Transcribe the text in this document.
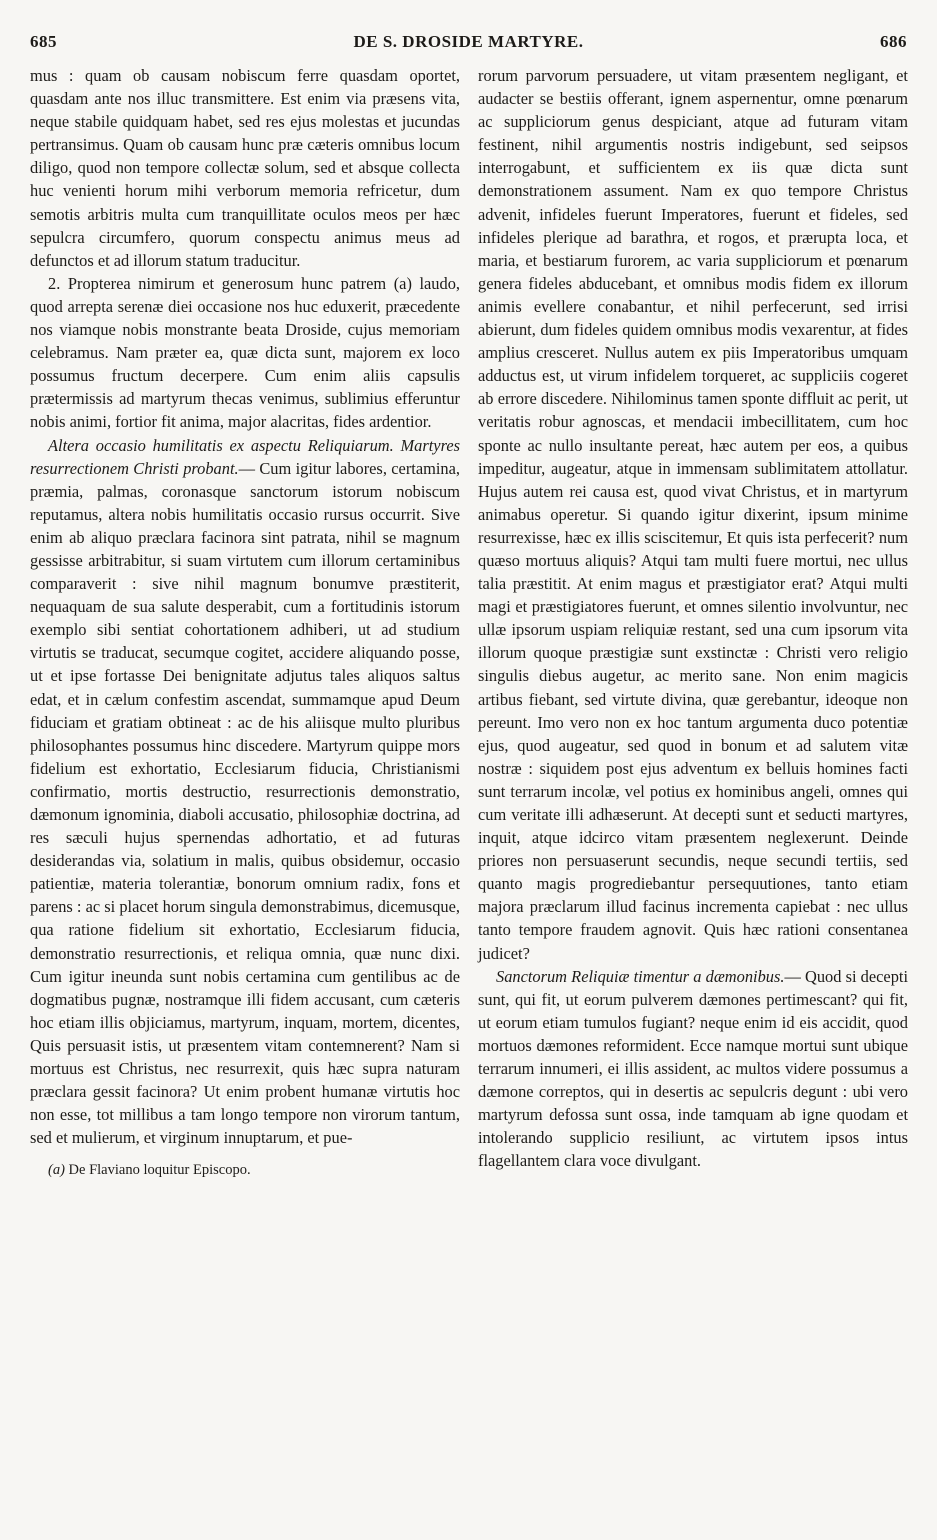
685	DE S. DROSIDE MARTYRE.	686

mus : quam ob causam nobiscum ferre quasdam oportet, quasdam ante nos illuc transmittere. Est enim via præsens vita, neque stabile quidquam habet, sed res ejus molestas et jucundas pertransimus. Quam ob causam hunc præ cæteris omnibus locum diligo, quod non tempore collectæ solum, sed et absque collecta huc venienti horum mihi verborum memoria refricetur, dum semotis arbitris multa cum tranquillitate oculos meos per hæc sepulcra circumfero, quorum conspectu animus meus ad defunctos et ad illorum statum traducitur.

2. Propterea nimirum et generosum hunc patrem (a) laudo, quod arrepta serenæ diei occasione nos huc eduxerit, præcedente nos viamque nobis monstrante beata Droside, cujus memoriam celebramus. Nam præter ea, quæ dicta sunt, majorem ex loco possumus fructum decerpere. Cum enim aliis capsulis prætermissis ad martyrum thecas venimus, sublimius efferuntur nobis animi, fortior fit anima, major alacritas, fides ardentior.

Altera occasio humilitatis ex aspectu Reliquiarum. Martyres resurrectionem Christi probant.— Cum igitur labores, certamina, præmia, palmas, coronasque sanctorum istorum nobiscum reputamus, altera nobis humilitatis occasio rursus occurrit. Sive enim ab aliquo præclara facinora sint patrata, nihil se magnum gessisse arbitrabitur, si suam virtutem cum illorum certaminibus comparaverit : sive nihil magnum bonumve præstiterit, nequaquam de sua salute desperabit, cum a fortitudinis istorum exemplo sibi sentiat cohortationem adhiberi, ut ad studium virtutis se traducat, secumque cogitet, accidere aliquando posse, ut et ipse fortasse Dei benignitate adjutus tales aliquos saltus edat, et in cælum confestim ascendat, summamque apud Deum fiduciam et gratiam obtineat : ac de his aliisque multo pluribus philosophantes possumus hinc discedere. Martyrum quippe mors fidelium est exhortatio, Ecclesiarum fiducia, Christianismi confirmatio, mortis destructio, resurrectionis demonstratio, dæmonum ignominia, diaboli accusatio, philosophiæ doctrina, ad res sæculi hujus spernendas adhortatio, et ad futuras desiderandas via, solatium in malis, quibus obsidemur, occasio patientiæ, materia tolerantiæ, bonorum omnium radix, fons et parens : ac si placet horum singula demonstrabimus, dicemusque, qua ratione fidelium sit exhortatio, Ecclesiarum fiducia, demonstratio resurrectionis, et reliqua omnia, quæ nunc dixi. Cum igitur ineunda sunt nobis certamina cum gentilibus ac de dogmatibus pugnæ, nostramque illi fidem accusant, cum cæteris hoc etiam illis objiciamus, martyrum, inquam, mortem, dicentes, Quis persuasit istis, ut præsentem vitam contemnerent? Nam si mortuus est Christus, nec resurrexit, quis hæc supra naturam præclara gessit facinora? Ut enim probent humanæ virtutis hoc non esse, tot millibus a tam longo tempore non virorum tantum, sed et mulierum, et virginum innuptarum, et pue-

(a) De Flaviano loquitur Episcopo.

rorum parvorum persuadere, ut vitam præsentem negligant, et audacter se bestiis offerant, ignem aspernentur, omne pœnarum ac suppliciorum genus despiciant, atque ad futuram vitam festinent, nihil argumentis nostris indigebunt, sed seipsos interrogabunt, et sufficientem ex iis quæ dicta sunt demonstrationem assument. Nam ex quo tempore Christus advenit, infideles fuerunt Imperatores, fuerunt et fideles, sed infideles plerique ad barathra, et rogos, et prærupta loca, et maria, et bestiarum furorem, ac varia suppliciorum et pœnarum genera fideles abducebant, et omnibus modis fidem ex illorum animis evellere conabantur, et nihil perfecerunt, sed irrisi abierunt, dum fideles quidem omnibus modis vexarentur, at fides amplius cresceret. Nullus autem ex piis Imperatoribus umquam adductus est, ut virum infidelem torqueret, ac suppliciis cogeret ab errore discedere. Nihilominus tamen sponte diffluit ac perit, ut veritatis robur agnoscas, et mendacii imbecillitatem, cum hoc sponte ac nullo insultante pereat, hæc autem per eos, a quibus impeditur, augeatur, atque in immensam sublimitatem attollatur. Hujus autem rei causa est, quod vivat Christus, et in martyrum animabus operetur. Si quando igitur dixerint, ipsum minime resurrexisse, hæc ex illis sciscitemur, Et quis ista perfecerit? num quæso mortuus aliquis? Atqui tam multi fuere mortui, nec ullus talia præstitit. At enim magus et præstigiator erat? Atqui multi magi et præstigiatores fuerunt, et omnes silentio involvuntur, nec ullæ ipsorum uspiam reliquiæ restant, sed una cum ipsorum vita illorum quoque præstigiæ sunt exstinctæ : Christi vero religio singulis diebus augetur, ac merito sane. Non enim magicis artibus fiebant, sed virtute divina, quæ gerebantur, ideoque non pereunt. Imo vero non ex hoc tantum argumenta duco potentiæ ejus, quod augeatur, sed quod in bonum et ad salutem vitæ nostræ : siquidem post ejus adventum ex belluis homines facti sunt terrarum incolæ, vel potius ex hominibus angeli, omnes qui cum veritate illi adhæserunt. At decepti sunt et seducti martyres, inquit, atque idcirco vitam præsentem neglexerunt. Deinde priores non persuaserunt secundis, neque secundi tertiis, sed quanto magis progrediebantur persequutiones, tanto etiam majora præclarum illud facinus incrementa capiebat : nec ullus tanto tempore fraudem agnovit. Quis hæc rationi consentanea judicet?

Sanctorum Reliquiæ timentur a dæmonibus.— Quod si decepti sunt, qui fit, ut eorum pulverem dæmones pertimescant? qui fit, ut eorum etiam tumulos fugiant? neque enim id eis accidit, quod mortuos dæmones reformident. Ecce namque mortui sunt ubique terrarum innumeri, ei illis assident, ac multos videre possumus a dæmone correptos, qui in desertis ac sepulcris degunt : ubi vero martyrum defossa sunt ossa, inde tamquam ab igne quodam et intolerando supplicio resiliunt, ac virtutem ipsos intus flagellantem clara voce divulgant.
